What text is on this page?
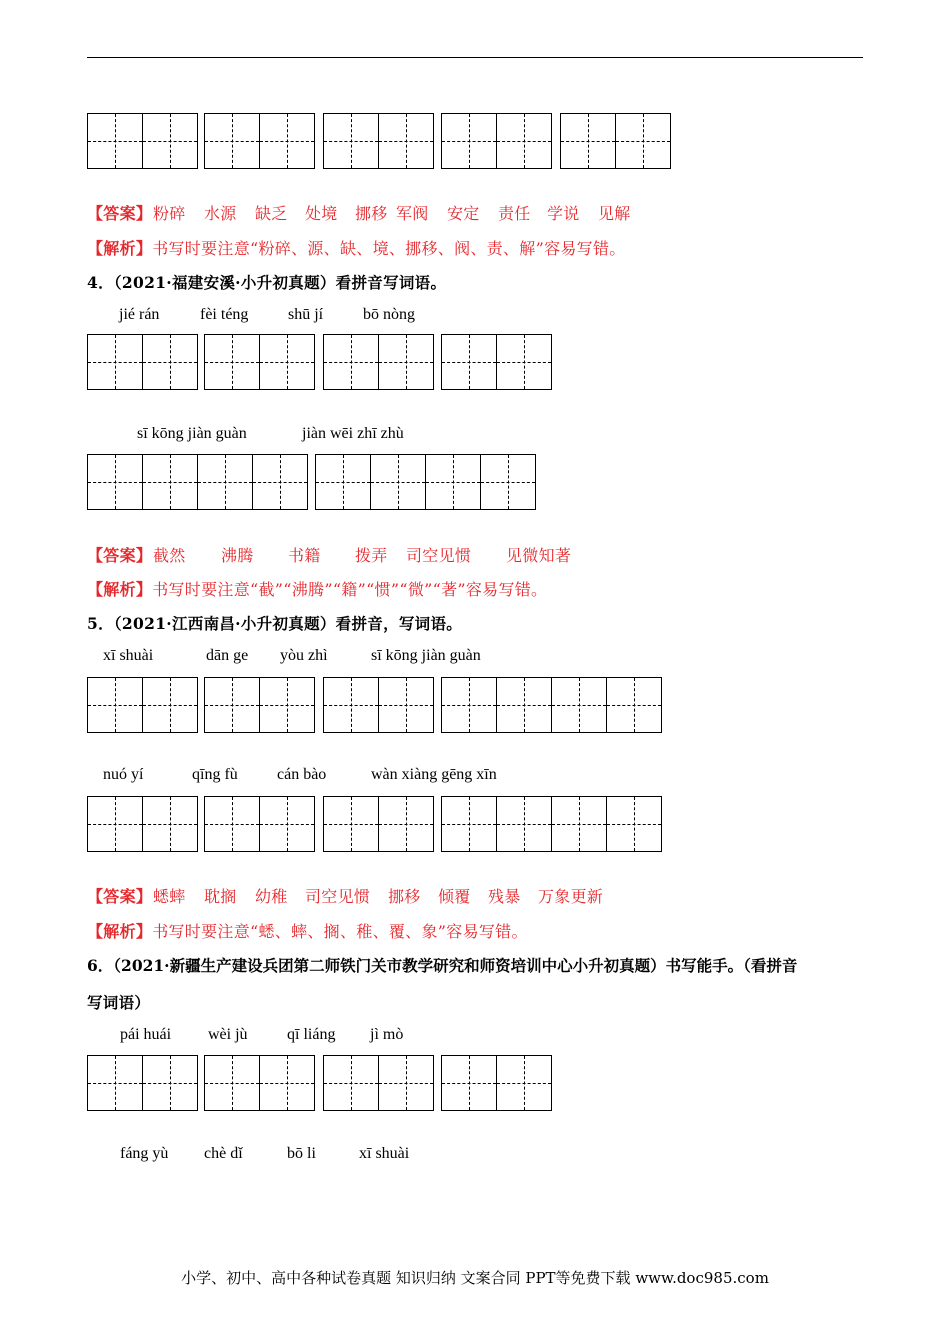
【答案】 粉碎 水源 缺乏 处境 挪移 军阀 安定 责任 学说 见解
【解析】书写时要注意“粉碎、源、缺、境、挪移、阀、责、解”容易写错。
4．（2021·福建安溪·小升初真题）看拼音写词语。
jié rán	fèi téng shū jí bō nòng
sī kōng jiàn guàn	jiàn wēi zhī zhù
【答案】 截然 沸腾 书籍 拨弄 司空见惯 见微知著
【解析】书写时要注意“截”“沸腾”“籍”“惯”“微”“著”容易写错。
5．（2021·江西南昌·小升初真题）看拼音，写词语。
xī shuài	dān ge yòu zhì	sī kōng jiàn guàn
nuó yí	qīng fù cán bào	wàn xiàng gēng xīn
【答案】 蟋蟀 耽搁 幼稚 司空见惯 挪移 倾覆 残暴 万象更新
【解析】书写时要注意“蟋、蟀、搁、稚、覆、象”容易写错。
6．（2021·新疆生产建设兵团第二师铁门关市教学研究和师资培训中心小升初真题）书写能手。（看拼音
写词语）
pái huái wèi jù qī liáng jì mò
fáng yù chè dǐ	bō li	xī shuài
小学、初中、高中各种试卷真题 知识归纳 文案合同 PPT等免费下载 www.doc985.com
